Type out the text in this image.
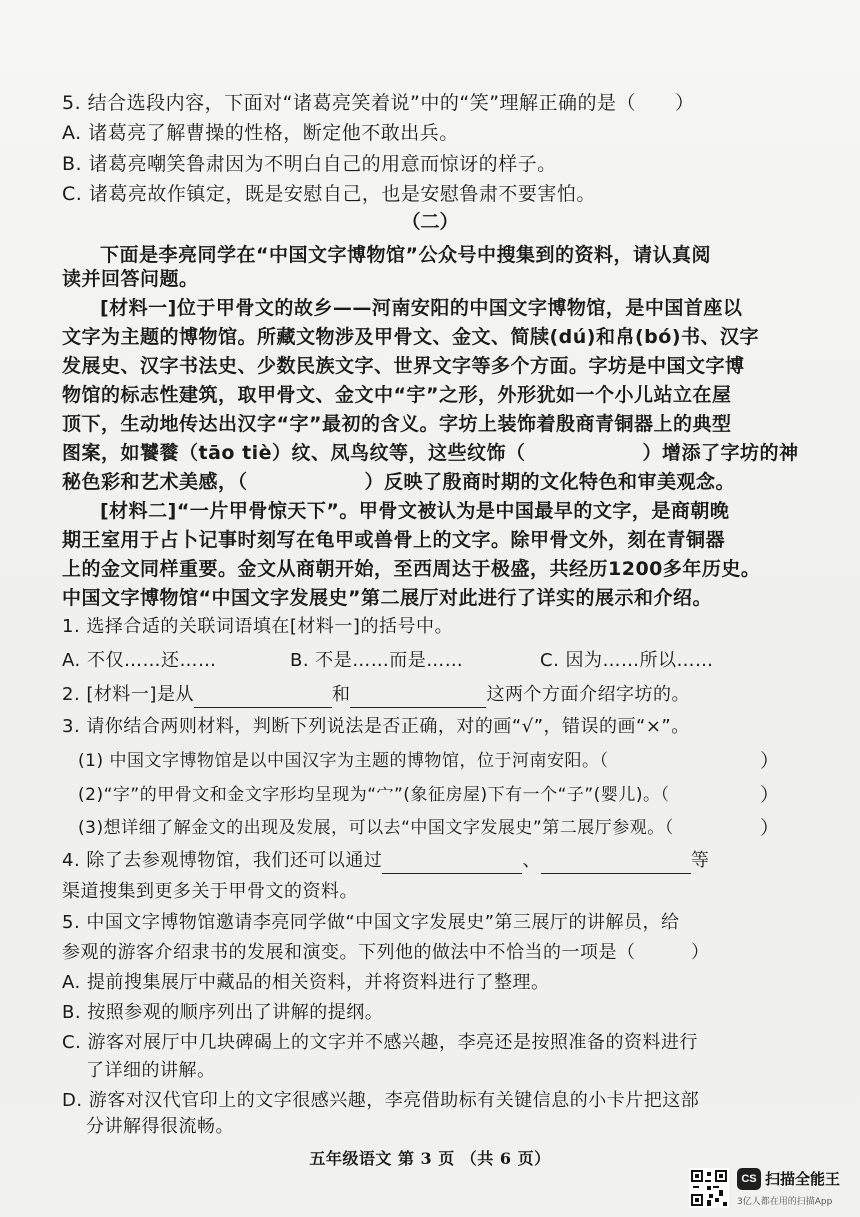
5. 结合选段内容，下面对“诸葛亮笑着说”中的“笑”理解正确的是（　　）
A. 诸葛亮了解曹操的性格，断定他不敢出兵。
B. 诸葛亮嘲笑鲁肃因为不明白自己的用意而惊讶的样子。
C. 诸葛亮故作镇定，既是安慰自己，也是安慰鲁肃不要害怕。
（二）
下面是李亮同学在“中国文字博物馆”公众号中搜集到的资料，请认真阅
读并回答问题。
[材料一]位于甲骨文的故乡——河南安阳的中国文字博物馆，是中国首座以
文字为主题的博物馆。所藏文物涉及甲骨文、金文、简牍(dú)和帛(bó)书、汉字
发展史、汉字书法史、少数民族文字、世界文字等多个方面。字坊是中国文字博
物馆的标志性建筑，取甲骨文、金文中“宇”之形，外形犹如一个小儿站立在屋
顶下，生动地传达出汉字“字”最初的含义。字坊上装饰着殷商青铜器上的典型
图案，如饕餮（tāo tiè）纹、凤鸟纹等，这些纹饰（　　　　　　）增添了字坊的神
秘色彩和艺术美感，（　　　　　　）反映了殷商时期的文化特色和审美观念。
[材料二]“一片甲骨惊天下”。甲骨文被认为是中国最早的文字，是商朝晚
期王室用于占卜记事时刻写在龟甲或兽骨上的文字。除甲骨文外，刻在青铜器
上的金文同样重要。金文从商朝开始，至西周达于极盛，共经历1200多年历史。
中国文字博物馆“中国文字发展史”第二展厅对此进行了详实的展示和介绍。
1. 选择合适的关联词语填在[材料一]的括号中。
A. 不仅……还……	B. 不是……而是……	C. 因为……所以……
2. [材料一]是从	和	这两个方面介绍字坊的。
3. 请你结合两则材料，判断下列说法是否正确，对的画“√”，错误的画“×”。
(1) 中国文字博物馆是以中国汉字为主题的博物馆，位于河南安阳。（	）
(2)“字”的甲骨文和金文字形均呈现为“宀”(象征房屋)下有一个“子”(婴儿)。（	）
(3)想详细了解金文的出现及发展，可以去“中国文字发展史”第二展厅参观。（	）
4. 除了去参观博物馆，我们还可以通过	、	等
渠道搜集到更多关于甲骨文的资料。
5. 中国文字博物馆邀请李亮同学做“中国文字发展史”第三展厅的讲解员，给
参观的游客介绍隶书的发展和演变。下列他的做法中不恰当的一项是（　　　）
A. 提前搜集展厅中藏品的相关资料，并将资料进行了整理。
B. 按照参观的顺序列出了讲解的提纲。
C. 游客对展厅中几块碑碣上的文字并不感兴趣，李亮还是按照准备的资料进行
了详细的讲解。
五年级语文 第 3 页 （共 6 页）
CS 扫描全能王
3亿人都在用的扫描App
D. 游客对汉代官印上的文字很感兴趣，李亮借助标有关键信息的小卡片把这部
分讲解得很流畅。
